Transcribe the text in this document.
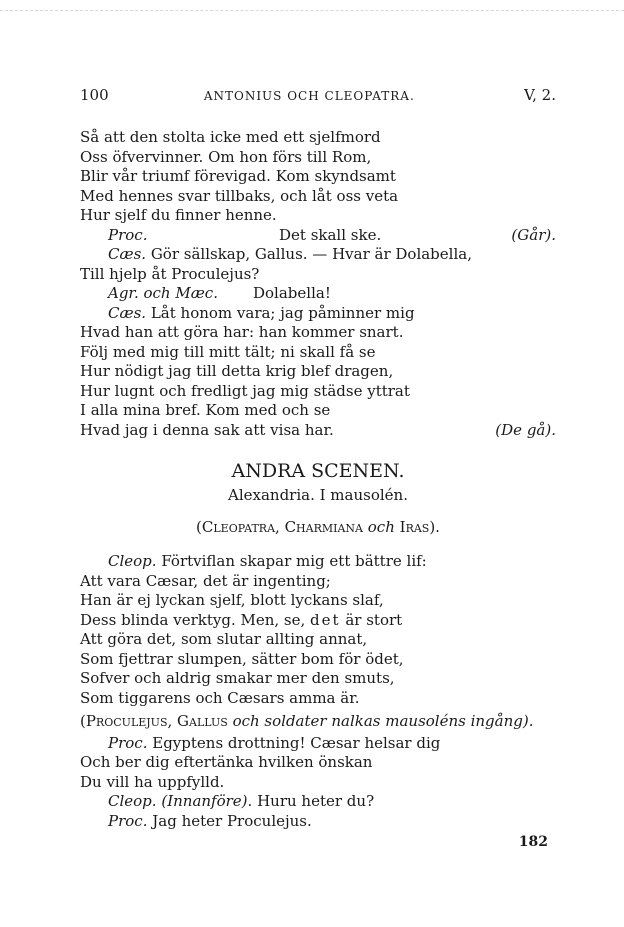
100	ANTONIUS OCH CLEOPATRA.	V, 2.
Så att den stolta icke med ett sjelfmord
Oss öfvervinner. Om hon förs till Rom,
Blir vår triumf förevigad. Kom skyndsamt
Med hennes svar tillbaks, och låt oss veta
Hur sjelf du finner henne.
Proc.	Det skall ske.	(Går).
Cæs. Gör sällskap, Gallus. — Hvar är Dolabella,
Till hjelp åt Proculejus?
Agr. och Mæc. Dolabella!
Cæs. Låt honom vara; jag påminner mig
Hvad han att göra har: han kommer snart.
Följ med mig till mitt tält; ni skall få se
Hur nödigt jag till detta krig blef dragen,
Hur lugnt och fredligt jag mig städse yttrat
I alla mina bref. Kom med och se
Hvad jag i denna sak att visa har.	(De gå).
ANDRA SCENEN.
Alexandria. I mausolén.
(Cleopatra, Charmiana och Iras).
Cleop. Förtviflan skapar mig ett bättre lif:
Att vara Cæsar, det är ingenting;
Han är ej lyckan sjelf, blott lyckans slaf,
Dess blinda verktyg. Men, se, det är stort
Att göra det, som slutar allting annat,
Som fjettrar slumpen, sätter bom för ödet,
Sofver och aldrig smakar mer den smuts,
Som tiggarens och Cæsars amma är.
(Proculejus, Gallus och soldater nalkas mausoléns ingång).
Proc. Egyptens drottning! Cæsar helsar dig
Och ber dig eftertänka hvilken önskan
Du vill ha uppfylld.
Cleop. (Innanföre). Huru heter du?
Proc. Jag heter Proculejus.
182
